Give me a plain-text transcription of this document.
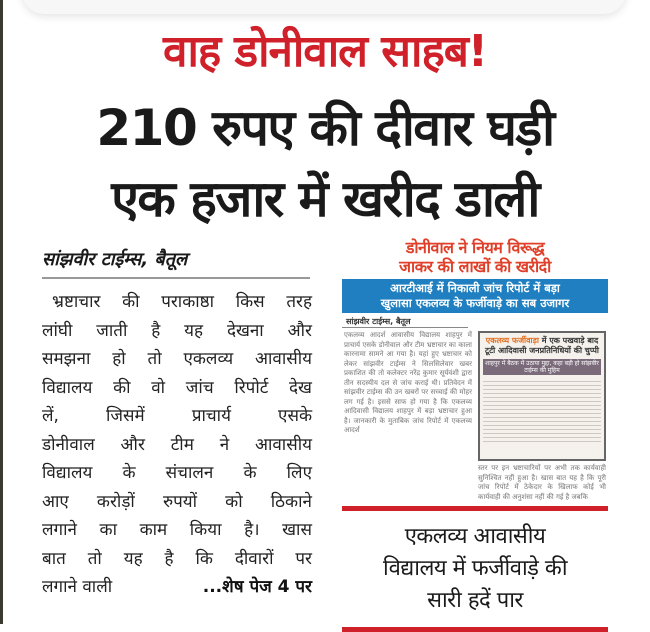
वाह डोनीवाल साहब!
210 रुपए की दीवार घड़ी
एक हजार में खरीद डाली
सांझवीर टाईम्स, बैतूल
भ्रष्टाचार की पराकाष्ठा किस तरह
लांघी जाती है यह देखना और
समझना हो तो एकलव्य आवासीय
विद्यालय की वो जांच रिपोर्ट देख
लें,	जिसमें	प्राचार्य	एसके
डोनीवाल और टीम ने आवासीय
विद्यालय के संचालन के लिए
आए करोड़ों रुपयों को ठिकाने
लगाने का काम किया है। खास
बात तो यह है कि दीवारों पर
लगाने वाली	...शेष पेज 4 पर
डोनीवाल ने नियम विरूद्ध
जाकर की लाखों की खरीदी
आरटीआई में निकाली जांच रिपोर्ट में बड़ा
खुलासा एकलव्य के फर्जीवाड़े का सब उजागर
सांझवीर टाईम्स, बैतूल
एकलव्य आदर्श आवासीय विद्यालय शाहपुर में प्राचार्य एसके डोनीवाल और टीम भ्रष्टाचार का काला कारनामा सामने आ गया है। यहां हुए भ्रष्टाचार को लेकर सांझवीर टाईम्स ने सिलसिलेवार खबर प्रकाशित की तो कलेक्टर नरेंद्र कुमार सूर्यवंशी द्वारा तीन सदस्यीय दल से जांच कराई थी। प्रतिवेदन में सांझवीर टाईम्स की उन खबरों पर सच्चाई की मोहर लग गई है। इससे साफ हो गया है कि एकलव्य आदिवासी विद्यालय शाहपुर में बड़ा भ्रष्टाचार हुआ है। जानकारी के मुताबिक जांच रिपोर्ट में एकलव्य आदर्श
एकलव्य फर्जीवाड़ा में एक पखवाड़े बाद टूटी आदिवासी जनप्रतिनिधियों की चुप्पी
शाहपुर में बैठक में उठाया मुद्दा, कहा बड़ी हो सांझवीर टाईम्स की मुहिम
स्तर पर इन भ्रष्टाचारियों पर अभी तक कार्यवाही सुनिश्चित नहीं हुआ है। खास बात यह है कि पूरी जांच रिपोर्ट में ठेकेदार के खिलाफ कोई भी कार्यवाही की अनुशंसा नहीं की गई है जबकि
एकलव्य आवासीय
विद्यालय में फर्जीवाड़े की
सारी हदें पार
